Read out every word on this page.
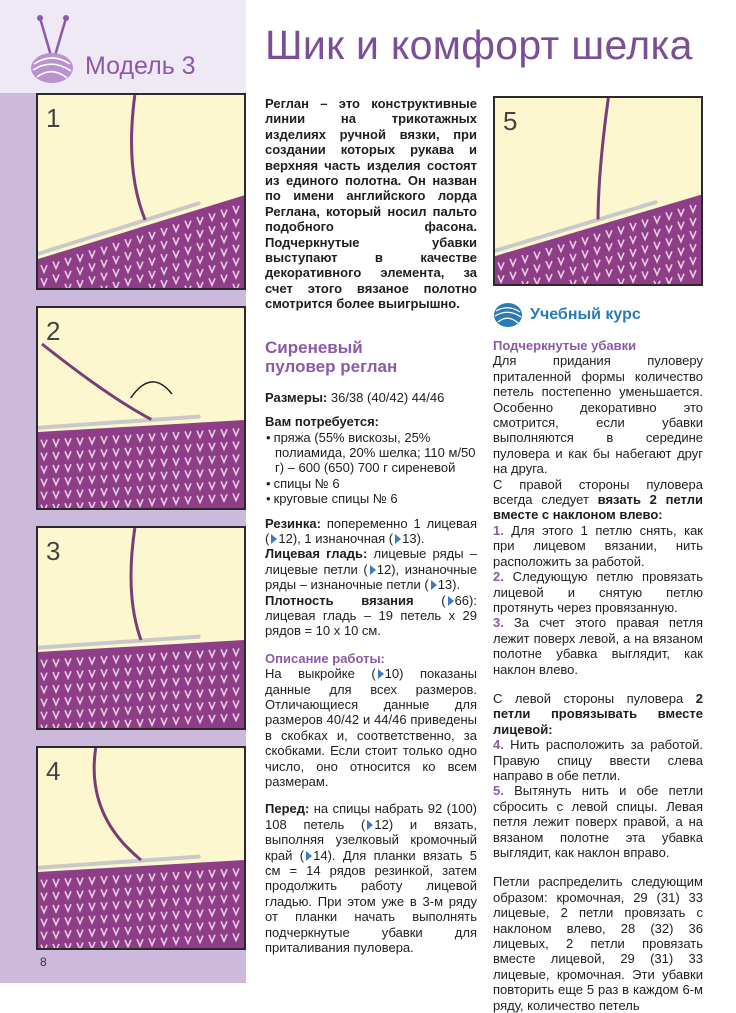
Модель 3 Шик и комфорт шелка
1
2
3
4
5

Реглан – это конструктивные линии на трикотажных изделиях ручной вязки, при создании которых рукава и верхняя часть изделия состоят из единого полотна. Он назван по имени английского лорда Реглана, который носил пальто подобного фасона. Подчеркнутые убавки выступают в качестве декоративного элемента, за счет этого вязаное полотно смотрится более выигрышно.

Сиреневый
пуловер реглан

Размеры: 36/38 (40/42) 44/46

Вам потребуется:

• пряжа (55% вискозы, 25% полиамида, 20% шелка; 110 м/50 г) – 600 (650) 700 г сиреневой
• спицы № 6
• круговые спицы № 6

Резинка: попеременно 1 лицевая ( 12), 1 изнаночная ( 13).

Лицевая гладь: лицевые ряды – лицевые петли ( 12), изнаночные ряды – изнаночные петли ( 13).

Плотность вязания ( 66): лицевая гладь – 19 петель x 29 рядов = 10 x 10 см.

Описание работы:

На выкройке ( 10) показаны данные для всех размеров. Отличающиеся данные для размеров 40/42 и 44/46 приведены в скобках и, соответственно, за скобками. Если стоит только одно число, оно относится ко всем размерам.

Перед: на спицы набрать 92 (100) 108 петель ( 12) и вязать, выполняя узелковый кромочный край ( 14). Для планки вязать 5 см = 14 рядов резинкой, затем продолжить работу лицевой гладью. При этом уже в 3-м ряду от планки начать выполнять подчеркнутые убавки для приталивания пуловера.

Учебный курс

Подчеркнутые убавки

Для придания пуловеру приталенной формы количество петель постепенно уменьшается. Особенно декоративно это смотрится, если убавки выполняются в середине пуловера и как бы набегают друг на друга.

С правой стороны пуловера всегда следует вязать 2 петли вместе с наклоном влево:

1. Для этого 1 петлю снять, как при лицевом вязании, нить расположить за работой.

2. Следующую петлю провязать лицевой и снятую петлю протянуть через провязанную.

3. За счет этого правая петля лежит поверх левой, а на вязаном полотне убавка выглядит, как наклон влево.

С левой стороны пуловера 2 петли провязывать вместе лицевой:

4. Нить расположить за работой. Правую спицу ввести слева направо в обе петли.

5. Вытянуть нить и обе петли сбросить с левой спицы. Левая петля лежит поверх правой, а на вязаном полотне эта убавка выглядит, как наклон вправо.

Петли распределить следующим образом: кромочная, 29 (31) 33 лицевые, 2 петли провязать с наклоном влево, 28 (32) 36 лицевых, 2 петли провязать вместе лицевой, 29 (31) 33 лицевые, кромочная. Эти убавки повторить еще 5 раз в каждом 6-м ряду, количество петель

8
